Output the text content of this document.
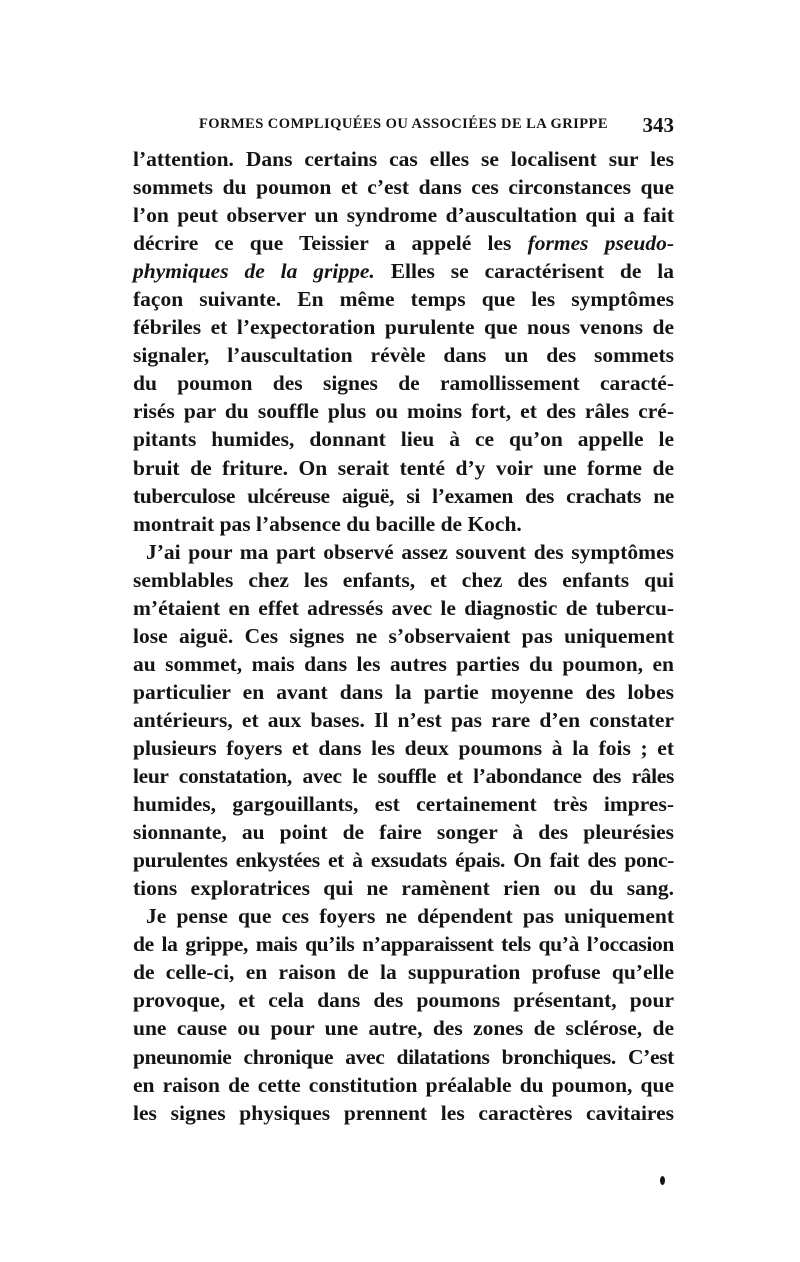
FORMES COMPLIQUÉES OU ASSOCIÉES DE LA GRIPPE 343
l’attention. Dans certains cas elles se localisent sur les
sommets du poumon et c’est dans ces circonstances que
l’on peut observer un syndrome d’auscultation qui a fait
décrire ce que Teissier a appelé les formes pseudo-
phymiques de la grippe. Elles se caractérisent de la
façon suivante. En même temps que les symptômes
fébriles et l’expectoration purulente que nous venons de
signaler, l’auscultation révèle dans un des sommets
du poumon des signes de ramollissement caracté-
risés par du souffle plus ou moins fort, et des râles cré-
pitants humides, donnant lieu à ce qu’on appelle le
bruit de friture. On serait tenté d’y voir une forme de
tuberculose ulcéreuse aiguë, si l’examen des crachats ne
montrait pas l’absence du bacille de Koch.
J’ai pour ma part observé assez souvent des symptômes
semblables chez les enfants, et chez des enfants qui
m’étaient en effet adressés avec le diagnostic de tubercu-
lose aiguë. Ces signes ne s’observaient pas uniquement
au sommet, mais dans les autres parties du poumon, en
particulier en avant dans la partie moyenne des lobes
antérieurs, et aux bases. Il n’est pas rare d’en constater
plusieurs foyers et dans les deux poumons à la fois ; et
leur constatation, avec le souffle et l’abondance des râles
humides, gargouillants, est certainement très impres-
sionnante, au point de faire songer à des pleurésies
purulentes enkystées et à exsudats épais. On fait des ponc-
tions exploratrices qui ne ramènent rien ou du sang.
Je pense que ces foyers ne dépendent pas uniquement
de la grippe, mais qu’ils n’apparaissent tels qu’à l’occasion
de celle-ci, en raison de la suppuration profuse qu’elle
provoque, et cela dans des poumons présentant, pour
une cause ou pour une autre, des zones de sclérose, de
pneunomie chronique avec dilatations bronchiques. C’est
en raison de cette constitution préalable du poumon, que
les signes physiques prennent les caractères cavitaires
